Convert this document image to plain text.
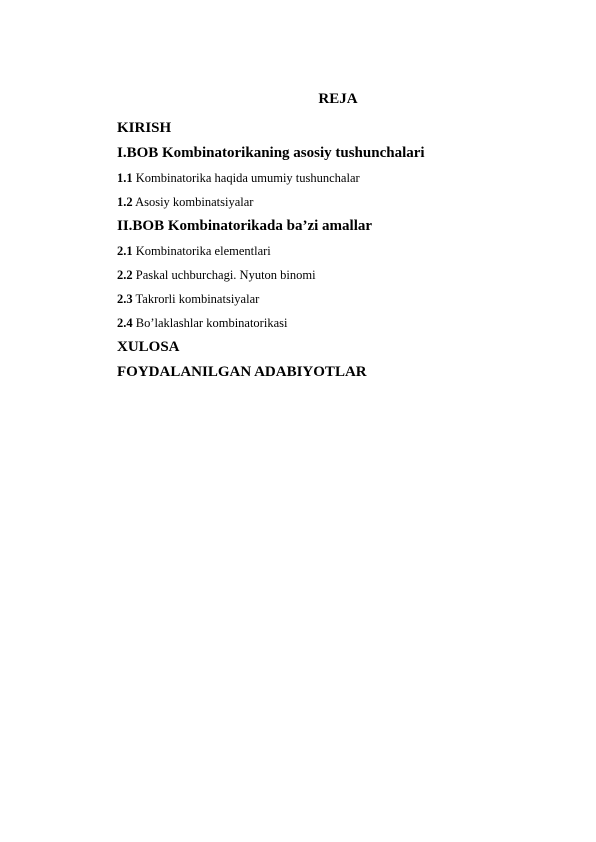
REJA
KIRISH
I.BOB Kombinatorikaning asosiy tushunchalari
1.1 Kombinatorika haqida umumiy tushunchalar
1.2 Asosiy kombinatsiyalar
II.BOB Kombinatorikada ba’zi amallar
2.1 Kombinatorika elementlari
2.2 Paskal uchburchagi. Nyuton binomi
2.3 Takrorli kombinatsiyalar
2.4 Bo’laklashlar kombinatorikasi
XULOSA
FOYDALANILGAN ADABIYOTLAR
